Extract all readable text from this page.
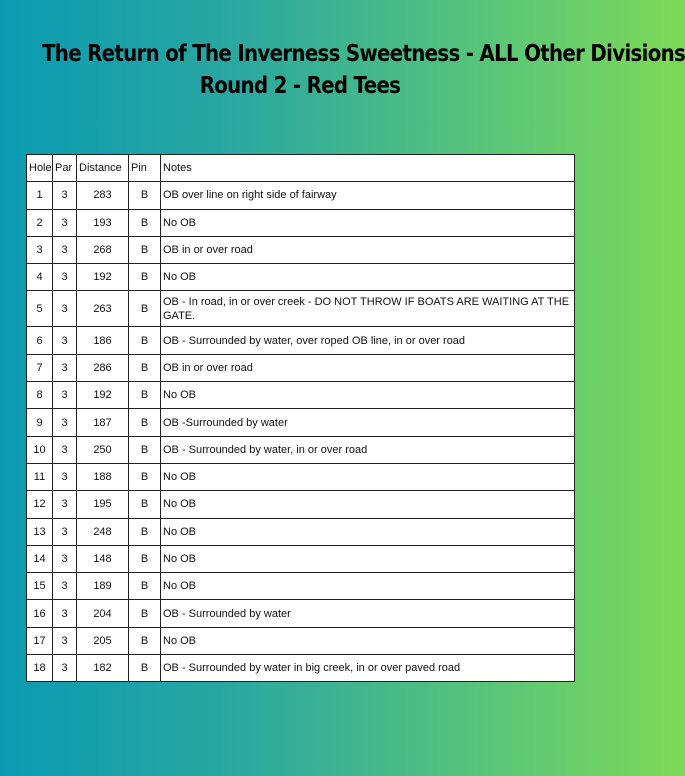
The Return of The Inverness Sweetness - ALL Other Divisions
Round 2 - Red Tees
Hole	Par	Distance	Pin	Notes
1	3	283	B	OB over line on right side of fairway
2	3	193	B	No OB
3	3	268	B	OB in or over road
4	3	192	B	No OB
5	3	263	B	OB - In road, in or over creek - DO NOT THROW IF BOATS ARE WAITING AT THE GATE.
6	3	186	B	OB - Surrounded by water, over roped OB line, in or over road
7	3	286	B	OB in or over road
8	3	192	B	No OB
9	3	187	B	OB -Surrounded by water
10	3	250	B	OB - Surrounded by water, in or over road
11	3	188	B	No OB
12	3	195	B	No OB
13	3	248	B	No OB
14	3	148	B	No OB
15	3	189	B	No OB
16	3	204	B	OB - Surrounded by water
17	3	205	B	No OB
18	3	182	B	OB - Surrounded by water in big creek, in or over paved road
